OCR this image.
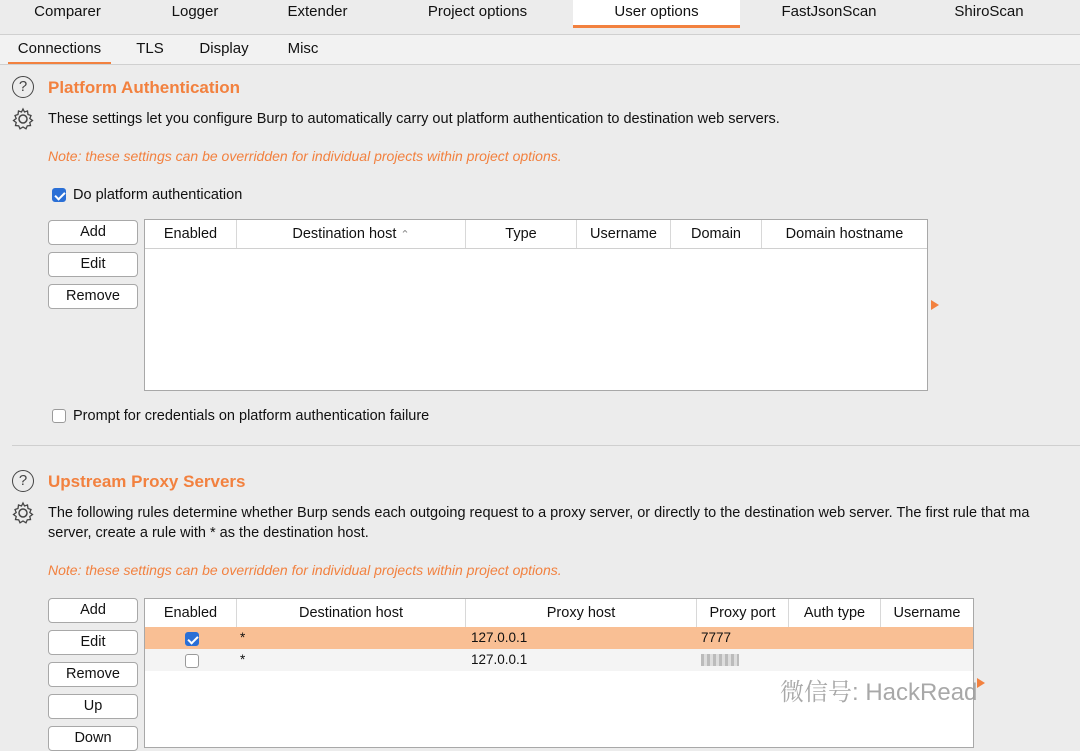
Comparer	Logger	Extender	Project options	User options	FastJsonScan	ShiroScan
Connections	TLS	Display	Misc
?	Platform Authentication
These settings let you configure Burp to automatically carry out platform authentication to destination web servers.
Note: these settings can be overridden for individual projects within project options.
Do platform authentication
Add
Edit
Remove
Enabled	Destination host ⌃	Type	Username	Domain	Domain hostname
Prompt for credentials on platform authentication failure
?	Upstream Proxy Servers
The following rules determine whether Burp sends each outgoing request to a proxy server, or directly to the destination web server. The first rule that ma
server, create a rule with * as the destination host.
Note: these settings can be overridden for individual projects within project options.
Add
Edit
Remove
Up
Down
Enabled	Destination host	Proxy host	Proxy port	Auth type	Username
*	127.0.0.1	7777
*	127.0.0.1
微信号: HackRead
